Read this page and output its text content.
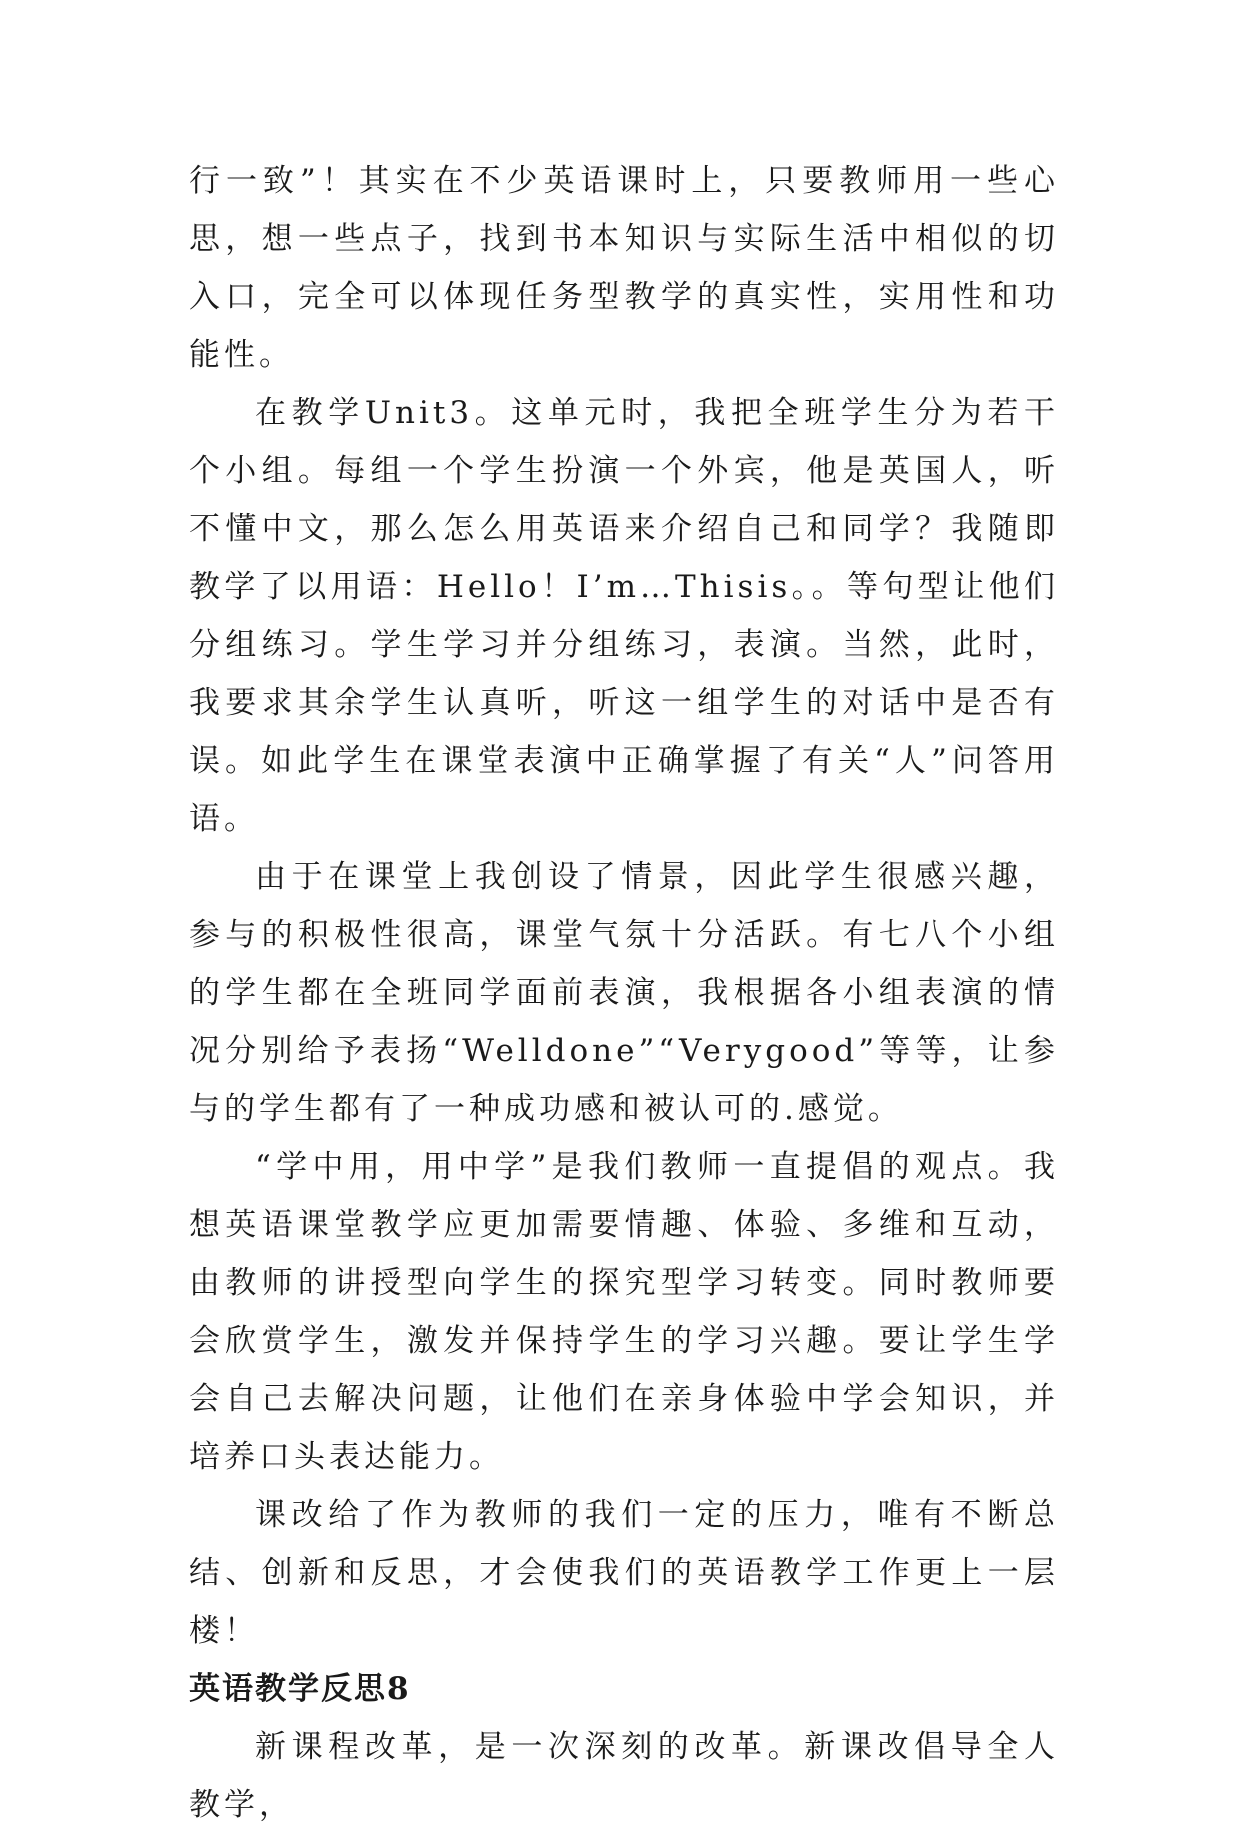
行一致”！其实在不少英语课时上，只要教师用一些心思，想一些点子，找到书本知识与实际生活中相似的切入口，完全可以体现任务型教学的真实性，实用性和功能性。

在教学Unit3。这单元时，我把全班学生分为若干个小组。每组一个学生扮演一个外宾，他是英国人，听不懂中文，那么怎么用英语来介绍自己和同学？我随即教学了以用语：Hello！I’m…Thisis。。等句型让他们分组练习。学生学习并分组练习，表演。当然，此时，我要求其余学生认真听，听这一组学生的对话中是否有误。如此学生在课堂表演中正确掌握了有关“人”问答用语。

由于在课堂上我创设了情景，因此学生很感兴趣，参与的积极性很高，课堂气氛十分活跃。有七八个小组的学生都在全班同学面前表演，我根据各小组表演的情况分别给予表扬“Welldone”“Verygood”等等，让参与的学生都有了一种成功感和被认可的.感觉。

“学中用，用中学”是我们教师一直提倡的观点。我想英语课堂教学应更加需要情趣、体验、多维和互动，由教师的讲授型向学生的探究型学习转变。同时教师要会欣赏学生，激发并保持学生的学习兴趣。要让学生学会自己去解决问题，让他们在亲身体验中学会知识，并培养口头表达能力。

课改给了作为教师的我们一定的压力，唯有不断总结、创新和反思，才会使我们的英语教学工作更上一层楼！

英语教学反思8

新课程改革，是一次深刻的改革。新课改倡导全人教学，
